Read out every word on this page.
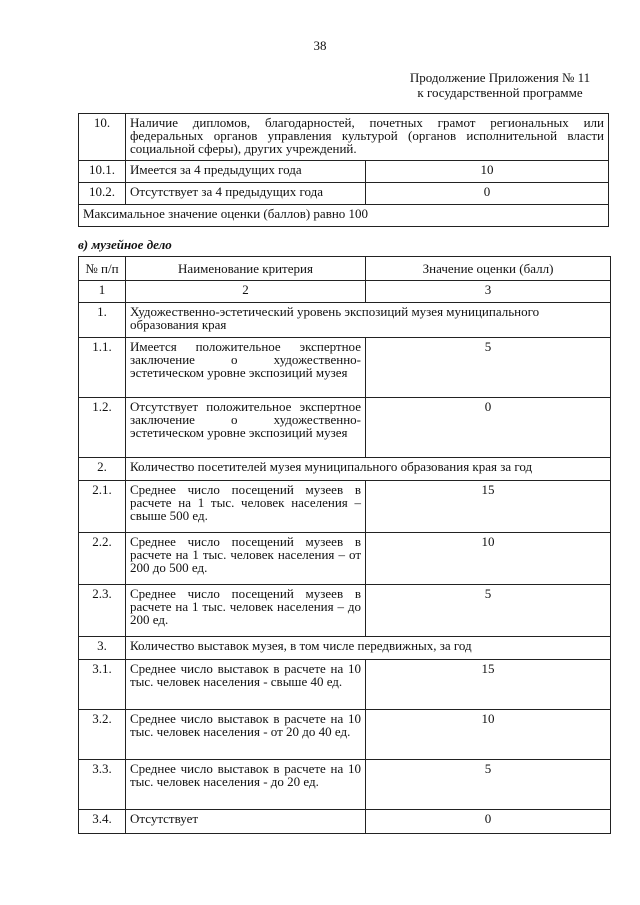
38
Продолжение Приложения № 11
к государственной программе
10.	Наличие дипломов, благодарностей, почетных грамот региональных или федеральных органов управления культурой (органов исполнительной власти социальной сферы), других учреждений.	
10.1.	Имеется за 4 предыдущих года	10
10.2.	Отсутствует за 4 предыдущих года	0
Максимальное значение оценки (баллов) равно 100		
в) музейное дело
№ п/п	Наименование критерия	Значение оценки (балл)
1	2	3
1.	Художественно-эстетический уровень экспозиций музея муниципального образования края	
1.1.	Имеется положительное экспертное заключение о художественно-эстетическом уровне экспозиций музея	5
1.2.	Отсутствует положительное экспертное заключение о художественно-эстетическом уровне экспозиций музея	0
2.	Количество посетителей музея муниципального образования края за год	
2.1.	Среднее число посещений музеев в расчете на 1 тыс. человек населения – свыше 500 ед.	15
2.2.	Среднее число посещений музеев в расчете на 1 тыс. человек населения – от 200 до 500 ед.	10
2.3.	Среднее число посещений музеев в расчете на 1 тыс. человек населения – до 200 ед.	5
3.	Количество выставок музея, в том числе передвижных, за год	
3.1.	Среднее число выставок в расчете на 10 тыс. человек населения - свыше 40 ед.	15
3.2.	Среднее число выставок в расчете на 10 тыс. человек населения - от 20 до 40 ед.	10
3.3.	Среднее число выставок в расчете на 10 тыс. человек населения - до 20 ед.	5
3.4.	Отсутствует	0
